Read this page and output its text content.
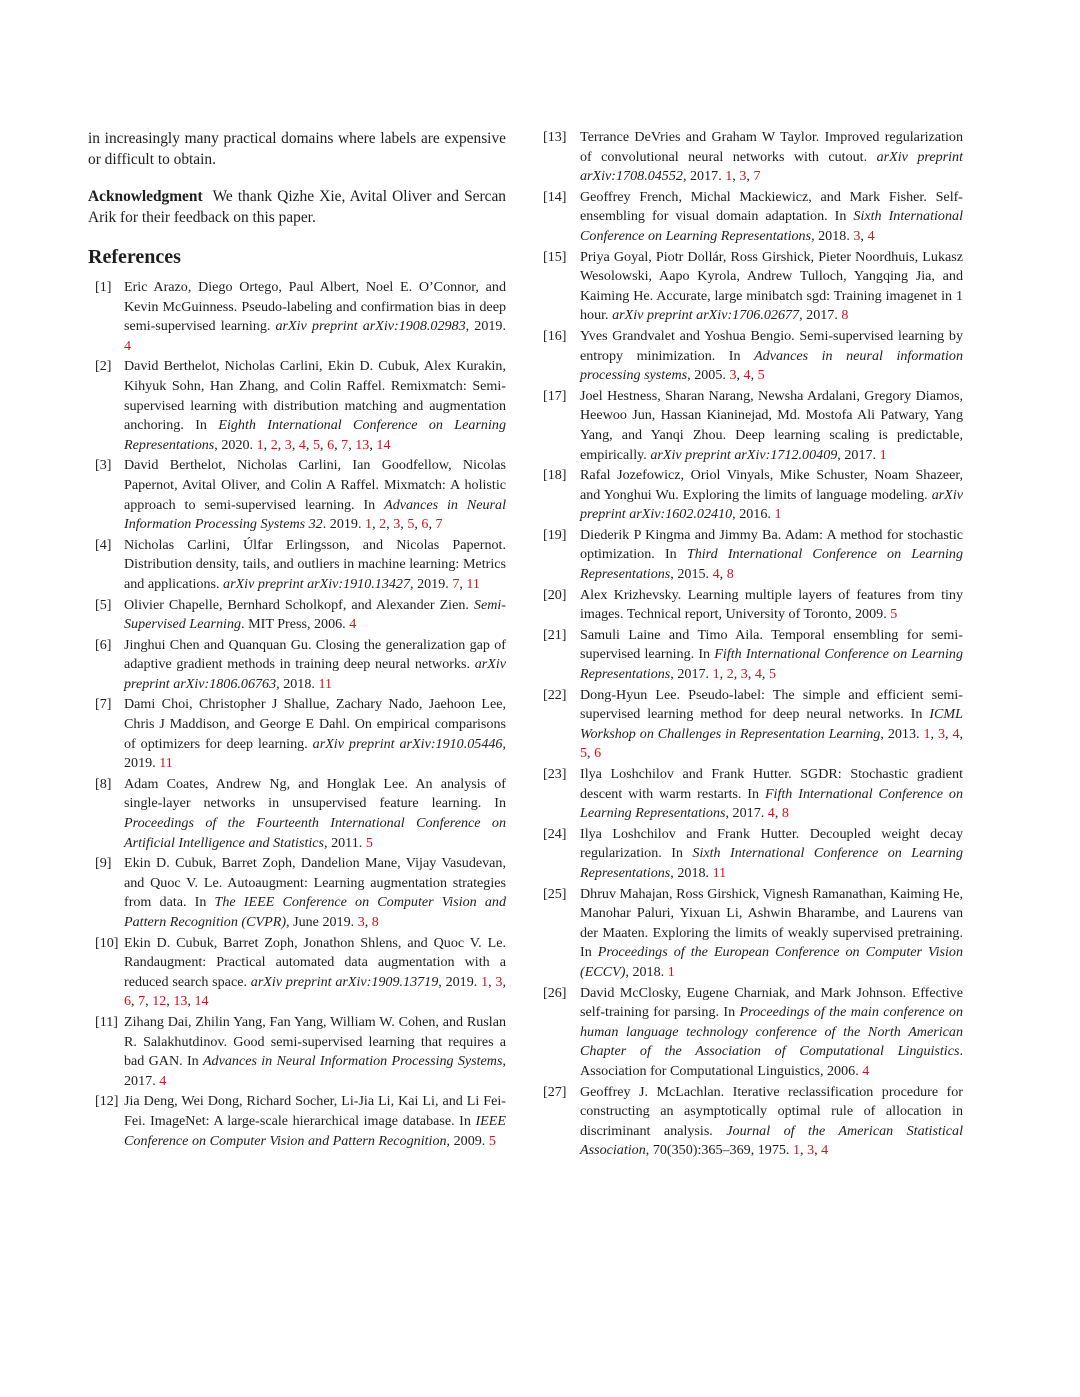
in increasingly many practical domains where labels are expensive or difficult to obtain.

Acknowledgment We thank Qizhe Xie, Avital Oliver and Sercan Arik for their feedback on this paper.

References
[1] Eric Arazo, Diego Ortego, Paul Albert, Noel E. O’Connor, and Kevin McGuinness. Pseudo-labeling and confirmation bias in deep semi-supervised learning. arXiv preprint arXiv:1908.02983, 2019. 4
[2] David Berthelot, Nicholas Carlini, Ekin D. Cubuk, Alex Kurakin, Kihyuk Sohn, Han Zhang, and Colin Raffel. Remixmatch: Semi-supervised learning with distribution matching and augmentation anchoring. In Eighth International Conference on Learning Representations, 2020. 1, 2, 3, 4, 5, 6, 7, 13, 14
[3] David Berthelot, Nicholas Carlini, Ian Goodfellow, Nicolas Papernot, Avital Oliver, and Colin A Raffel. Mixmatch: A holistic approach to semi-supervised learning. In Advances in Neural Information Processing Systems 32. 2019. 1, 2, 3, 5, 6, 7
[4] Nicholas Carlini, Úlfar Erlingsson, and Nicolas Papernot. Distribution density, tails, and outliers in machine learning: Metrics and applications. arXiv preprint arXiv:1910.13427, 2019. 7, 11
[5] Olivier Chapelle, Bernhard Scholkopf, and Alexander Zien. Semi-Supervised Learning. MIT Press, 2006. 4
[6] Jinghui Chen and Quanquan Gu. Closing the generalization gap of adaptive gradient methods in training deep neural networks. arXiv preprint arXiv:1806.06763, 2018. 11
[7] Dami Choi, Christopher J Shallue, Zachary Nado, Jaehoon Lee, Chris J Maddison, and George E Dahl. On empirical comparisons of optimizers for deep learning. arXiv preprint arXiv:1910.05446, 2019. 11
[8] Adam Coates, Andrew Ng, and Honglak Lee. An analysis of single-layer networks in unsupervised feature learning. In Proceedings of the Fourteenth International Conference on Artificial Intelligence and Statistics, 2011. 5
[9] Ekin D. Cubuk, Barret Zoph, Dandelion Mane, Vijay Vasudevan, and Quoc V. Le. Autoaugment: Learning augmentation strategies from data. In The IEEE Conference on Computer Vision and Pattern Recognition (CVPR), June 2019. 3, 8
[10] Ekin D. Cubuk, Barret Zoph, Jonathon Shlens, and Quoc V. Le. Randaugment: Practical automated data augmentation with a reduced search space. arXiv preprint arXiv:1909.13719, 2019. 1, 3, 6, 7, 12, 13, 14
[11] Zihang Dai, Zhilin Yang, Fan Yang, William W. Cohen, and Ruslan R. Salakhutdinov. Good semi-supervised learning that requires a bad GAN. In Advances in Neural Information Processing Systems, 2017. 4
[12] Jia Deng, Wei Dong, Richard Socher, Li-Jia Li, Kai Li, and Li Fei-Fei. ImageNet: A large-scale hierarchical image database. In IEEE Conference on Computer Vision and Pattern Recognition, 2009. 5
[13] Terrance DeVries and Graham W Taylor. Improved regularization of convolutional neural networks with cutout. arXiv preprint arXiv:1708.04552, 2017. 1, 3, 7
[14] Geoffrey French, Michal Mackiewicz, and Mark Fisher. Self-ensembling for visual domain adaptation. In Sixth International Conference on Learning Representations, 2018. 3, 4
[15] Priya Goyal, Piotr Dollár, Ross Girshick, Pieter Noordhuis, Lukasz Wesolowski, Aapo Kyrola, Andrew Tulloch, Yangqing Jia, and Kaiming He. Accurate, large minibatch sgd: Training imagenet in 1 hour. arXiv preprint arXiv:1706.02677, 2017. 8
[16] Yves Grandvalet and Yoshua Bengio. Semi-supervised learning by entropy minimization. In Advances in neural information processing systems, 2005. 3, 4, 5
[17] Joel Hestness, Sharan Narang, Newsha Ardalani, Gregory Diamos, Heewoo Jun, Hassan Kianinejad, Md. Mostofa Ali Patwary, Yang Yang, and Yanqi Zhou. Deep learning scaling is predictable, empirically. arXiv preprint arXiv:1712.00409, 2017. 1
[18] Rafal Jozefowicz, Oriol Vinyals, Mike Schuster, Noam Shazeer, and Yonghui Wu. Exploring the limits of language modeling. arXiv preprint arXiv:1602.02410, 2016. 1
[19] Diederik P Kingma and Jimmy Ba. Adam: A method for stochastic optimization. In Third International Conference on Learning Representations, 2015. 4, 8
[20] Alex Krizhevsky. Learning multiple layers of features from tiny images. Technical report, University of Toronto, 2009. 5
[21] Samuli Laine and Timo Aila. Temporal ensembling for semi-supervised learning. In Fifth International Conference on Learning Representations, 2017. 1, 2, 3, 4, 5
[22] Dong-Hyun Lee. Pseudo-label: The simple and efficient semi-supervised learning method for deep neural networks. In ICML Workshop on Challenges in Representation Learning, 2013. 1, 3, 4, 5, 6
[23] Ilya Loshchilov and Frank Hutter. SGDR: Stochastic gradient descent with warm restarts. In Fifth International Conference on Learning Representations, 2017. 4, 8
[24] Ilya Loshchilov and Frank Hutter. Decoupled weight decay regularization. In Sixth International Conference on Learning Representations, 2018. 11
[25] Dhruv Mahajan, Ross Girshick, Vignesh Ramanathan, Kaiming He, Manohar Paluri, Yixuan Li, Ashwin Bharambe, and Laurens van der Maaten. Exploring the limits of weakly supervised pretraining. In Proceedings of the European Conference on Computer Vision (ECCV), 2018. 1
[26] David McClosky, Eugene Charniak, and Mark Johnson. Effective self-training for parsing. In Proceedings of the main conference on human language technology conference of the North American Chapter of the Association of Computational Linguistics. Association for Computational Linguistics, 2006. 4
[27] Geoffrey J. McLachlan. Iterative reclassification procedure for constructing an asymptotically optimal rule of allocation in discriminant analysis. Journal of the American Statistical Association, 70(350):365–369, 1975. 1, 3, 4
